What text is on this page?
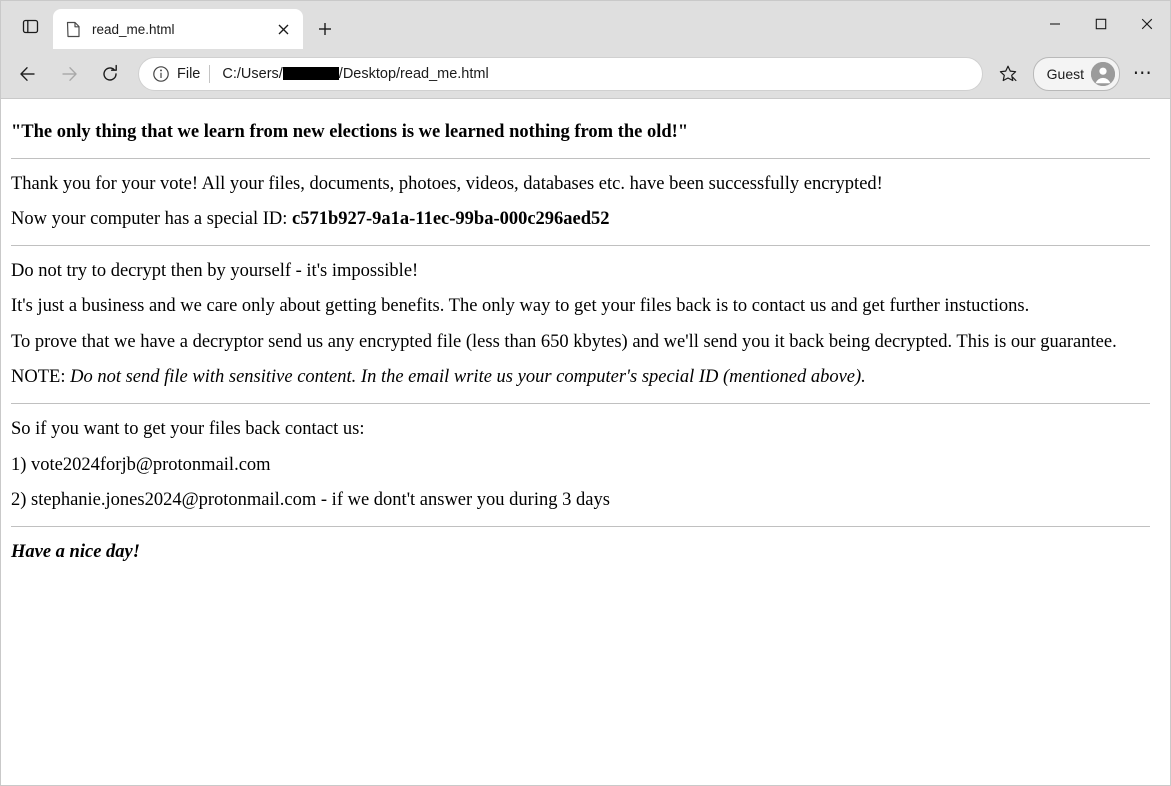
read_me.html
File C:/Users/	/Desktop/read_me.html	Guest	⋯
"The only thing that we learn from new elections is we learned nothing from the old!"

Thank you for your vote! All your files, documents, photoes, videos, databases etc. have been successfully encrypted!

Now your computer has a special ID: c571b927-9a1a-11ec-99ba-000c296aed52

Do not try to decrypt then by yourself - it's impossible!

It's just a business and we care only about getting benefits. The only way to get your files back is to contact us and get further instuctions.

To prove that we have a decryptor send us any encrypted file (less than 650 kbytes) and we'll send you it back being decrypted. This is our guarantee.

NOTE: Do not send file with sensitive content. In the email write us your computer's special ID (mentioned above).

So if you want to get your files back contact us:

1) vote2024forjb@protonmail.com

2) stephanie.jones2024@protonmail.com - if we dont't answer you during 3 days

Have a nice day!
